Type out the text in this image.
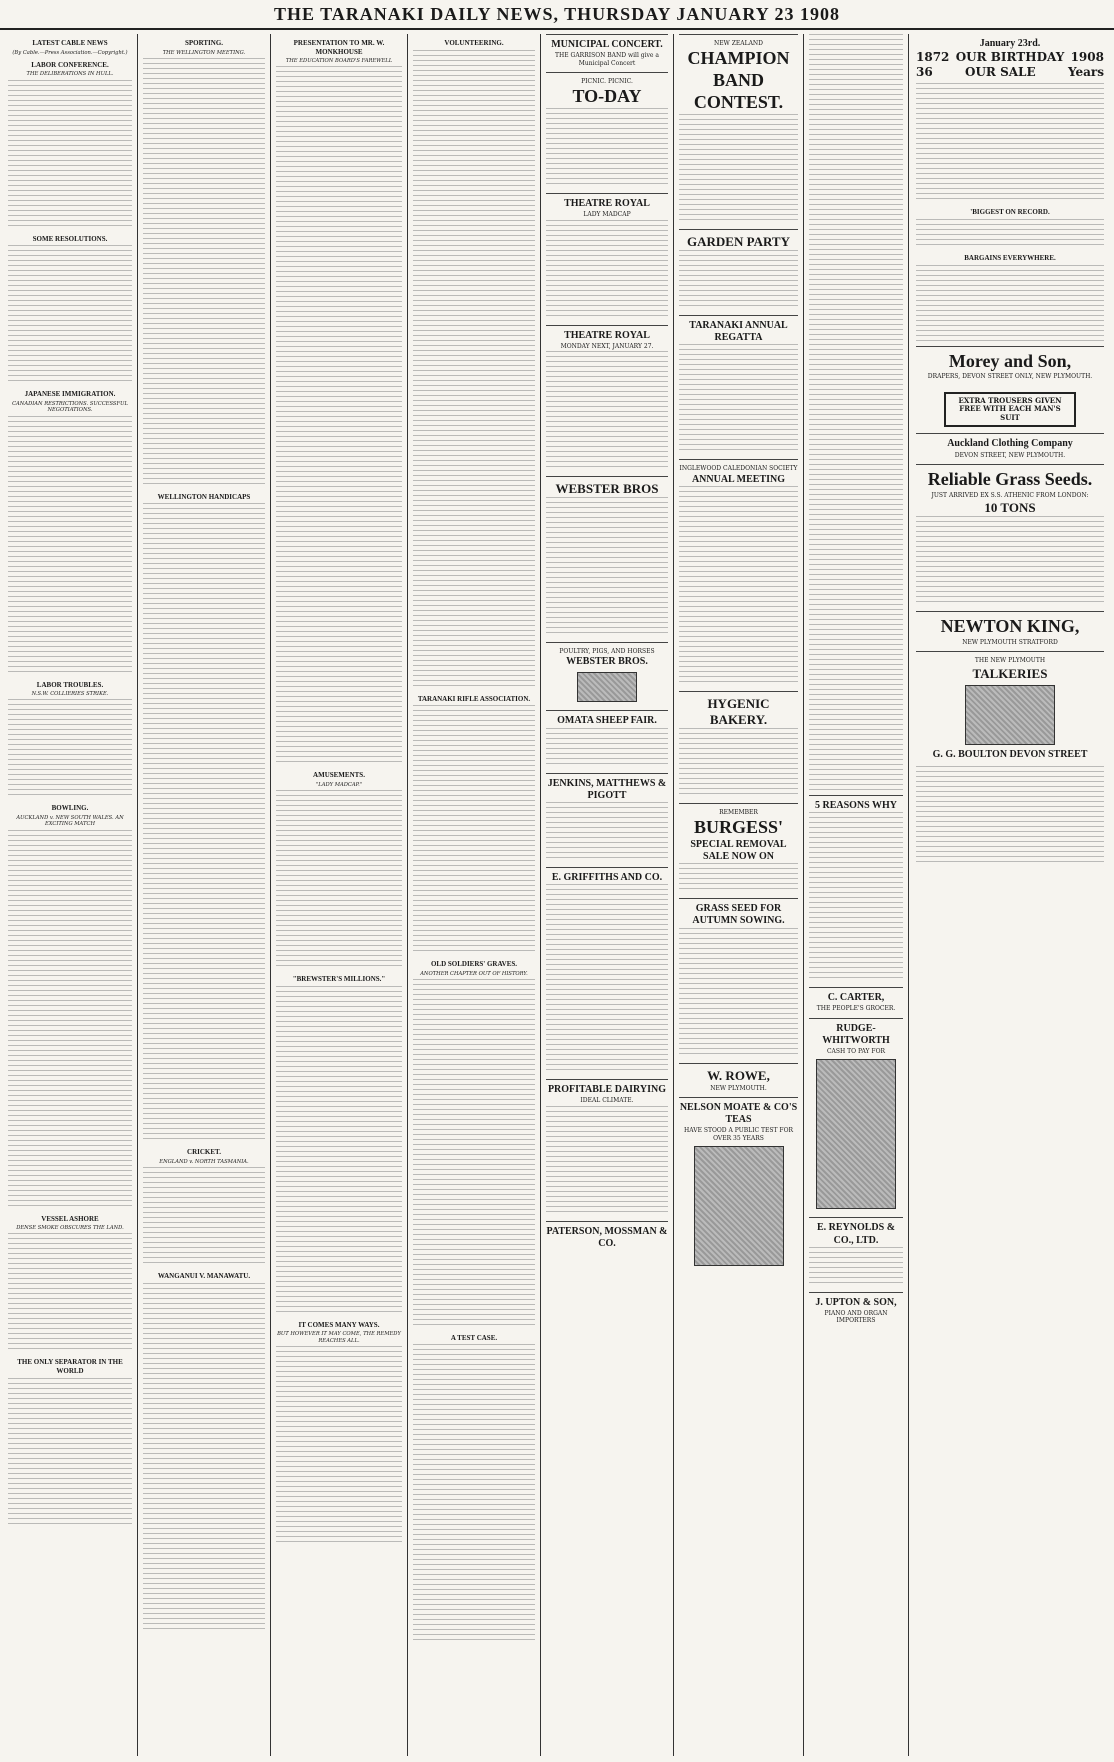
THE TARANAKI DAILY NEWS, THURSDAY JANUARY 23 1908
LATEST CABLE NEWS
(By Cable.—Press Association.—Copyright.)
LABOR CONFERENCE.
THE DELIBERATIONS IN HULL.
SOME RESOLUTIONS.
JAPANESE IMMIGRATION.
CANADIAN RESTRICTIONS. SUCCESSFUL NEGOTIATIONS.
LABOR TROUBLES.
N.S.W. COLLIERIES STRIKE.
BOWLING.
AUCKLAND v. NEW SOUTH WALES. AN EXCITING MATCH
VESSEL ASHORE
DENSE SMOKE OBSCURES THE LAND.
THE ONLY SEPARATOR IN THE WORLD
SPORTING.
THE WELLINGTON MEETING.
WELLINGTON HANDICAPS
CRICKET.
ENGLAND v. NORTH TASMANIA.
WANGANUI V. MANAWATU.
PRESENTATION TO MR. W. MONKHOUSE
THE EDUCATION BOARD'S FAREWELL
AMUSEMENTS.
"LADY MADCAP."
"BREWSTER'S MILLIONS."
IT COMES MANY WAYS.
BUT HOWEVER IT MAY COME, THE REMEDY REACHES ALL.
VOLUNTEERING.
TARANAKI RIFLE ASSOCIATION.
OLD SOLDIERS' GRAVES.
ANOTHER CHAPTER OUT OF HISTORY.
A TEST CASE.
MUNICIPAL CONCERT.
THE GARRISON BAND will give a Municipal Concert
PICNIC. PICNIC.
TO-DAY
THEATRE ROYAL
LADY MADCAP
THEATRE ROYAL
MONDAY NEXT, JANUARY 27.
WEBSTER BROS
POULTRY, PIGS, AND HORSES
WEBSTER BROS.
OMATA SHEEP FAIR.
JENKINS, MATTHEWS & PIGOTT
E. GRIFFITHS AND CO.
PROFITABLE DAIRYING
IDEAL CLIMATE.
PATERSON, MOSSMAN & CO.
NEW ZEALAND
CHAMPION BAND CONTEST.
GARDEN PARTY
TARANAKI ANNUAL REGATTA
INGLEWOOD CALEDONIAN SOCIETY
ANNUAL MEETING
HYGENIC BAKERY.
REMEMBER
BURGESS'
SPECIAL REMOVAL SALE NOW ON
GRASS SEED FOR AUTUMN SOWING.
W. ROWE,
NEW PLYMOUTH.
NELSON MOATE & CO'S TEAS
HAVE STOOD A PUBLIC TEST FOR OVER 35 YEARS
5 REASONS WHY
C. CARTER,
THE PEOPLE'S GROCER.
RUDGE-WHITWORTH
CASH TO PAY FOR
E. REYNOLDS & CO., LTD.
J. UPTON & SON,
PIANO AND ORGAN IMPORTERS
January 23rd.
1872 OUR BIRTHDAY 1908
36	OUR SALE	Years
'BIGGEST ON RECORD.
BARGAINS EVERYWHERE.
Morey and Son,
DRAPERS, DEVON STREET ONLY, NEW PLYMOUTH.
EXTRA TROUSERS GIVEN FREE WITH EACH MAN'S SUIT
Auckland Clothing Company
DEVON STREET, NEW PLYMOUTH.
Reliable Grass Seeds.
JUST ARRIVED EX S.S. ATHENIC FROM LONDON:
10 TONS
NEWTON KING,
NEW PLYMOUTH STRATFORD
THE NEW PLYMOUTH
TALKERIES
G. G. BOULTON DEVON STREET
